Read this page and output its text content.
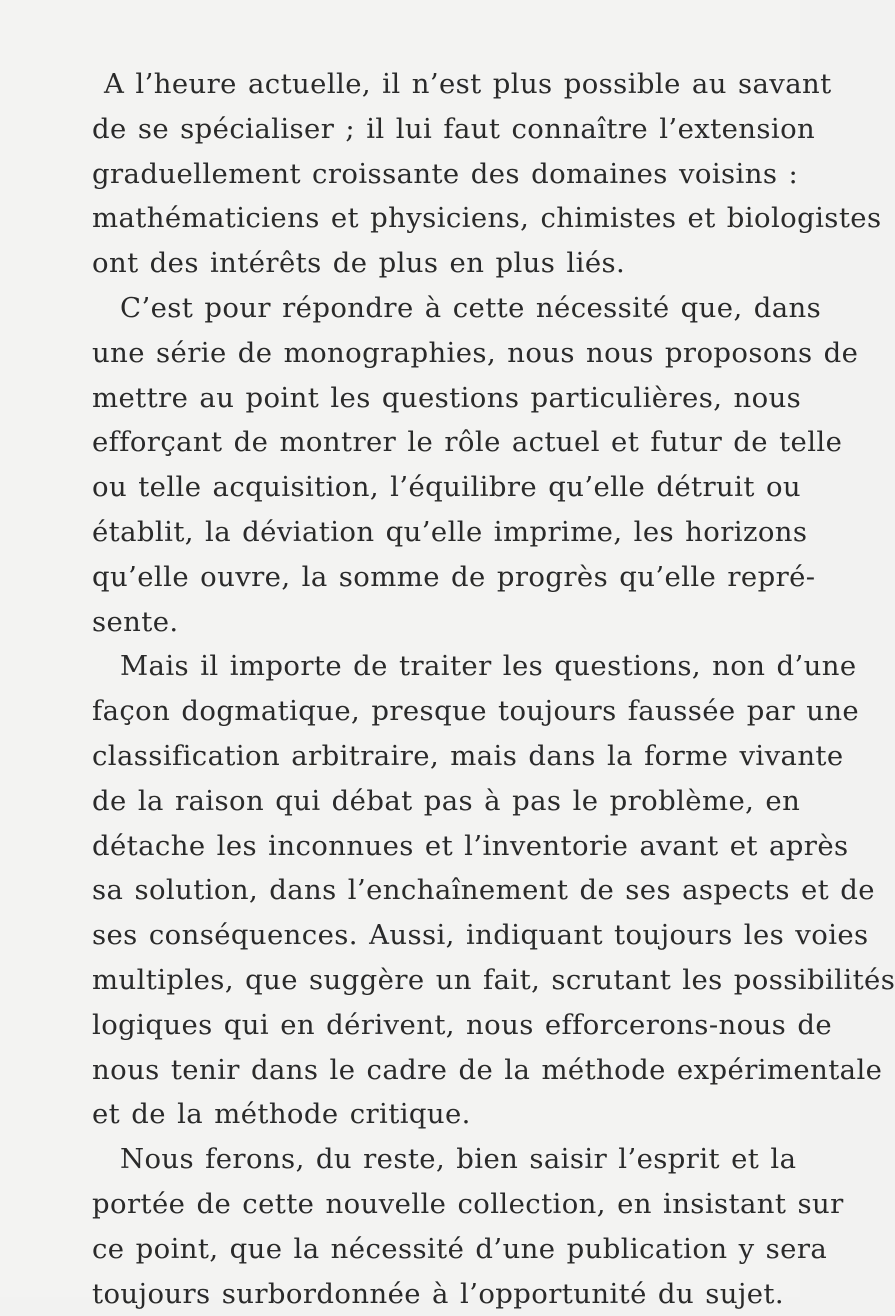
A l’heure actuelle, il n’est plus possible au savant
de se spécialiser ; il lui faut connaître l’extension
graduellement croissante des domaines voisins :
mathématiciens et physiciens, chimistes et biologistes
ont des intérêts de plus en plus liés.
C’est pour répondre à cette nécessité que, dans
une série de monographies, nous nous proposons de
mettre au point les questions particulières, nous
efforçant de montrer le rôle actuel et futur de telle
ou telle acquisition, l’équilibre qu’elle détruit ou
établit, la déviation qu’elle imprime, les horizons
qu’elle ouvre, la somme de progrès qu’elle repré-
sente.
Mais il importe de traiter les questions, non d’une
façon dogmatique, presque toujours faussée par une
classification arbitraire, mais dans la forme vivante
de la raison qui débat pas à pas le problème, en
détache les inconnues et l’inventorie avant et après
sa solution, dans l’enchaînement de ses aspects et de
ses conséquences. Aussi, indiquant toujours les voies
multiples, que suggère un fait, scrutant les possibilités
logiques qui en dérivent, nous efforcerons-nous de
nous tenir dans le cadre de la méthode expérimentale
et de la méthode critique.
Nous ferons, du reste, bien saisir l’esprit et la
portée de cette nouvelle collection, en insistant sur
ce point, que la nécessité d’une publication y sera
toujours surbordonnée à l’opportunité du sujet.
